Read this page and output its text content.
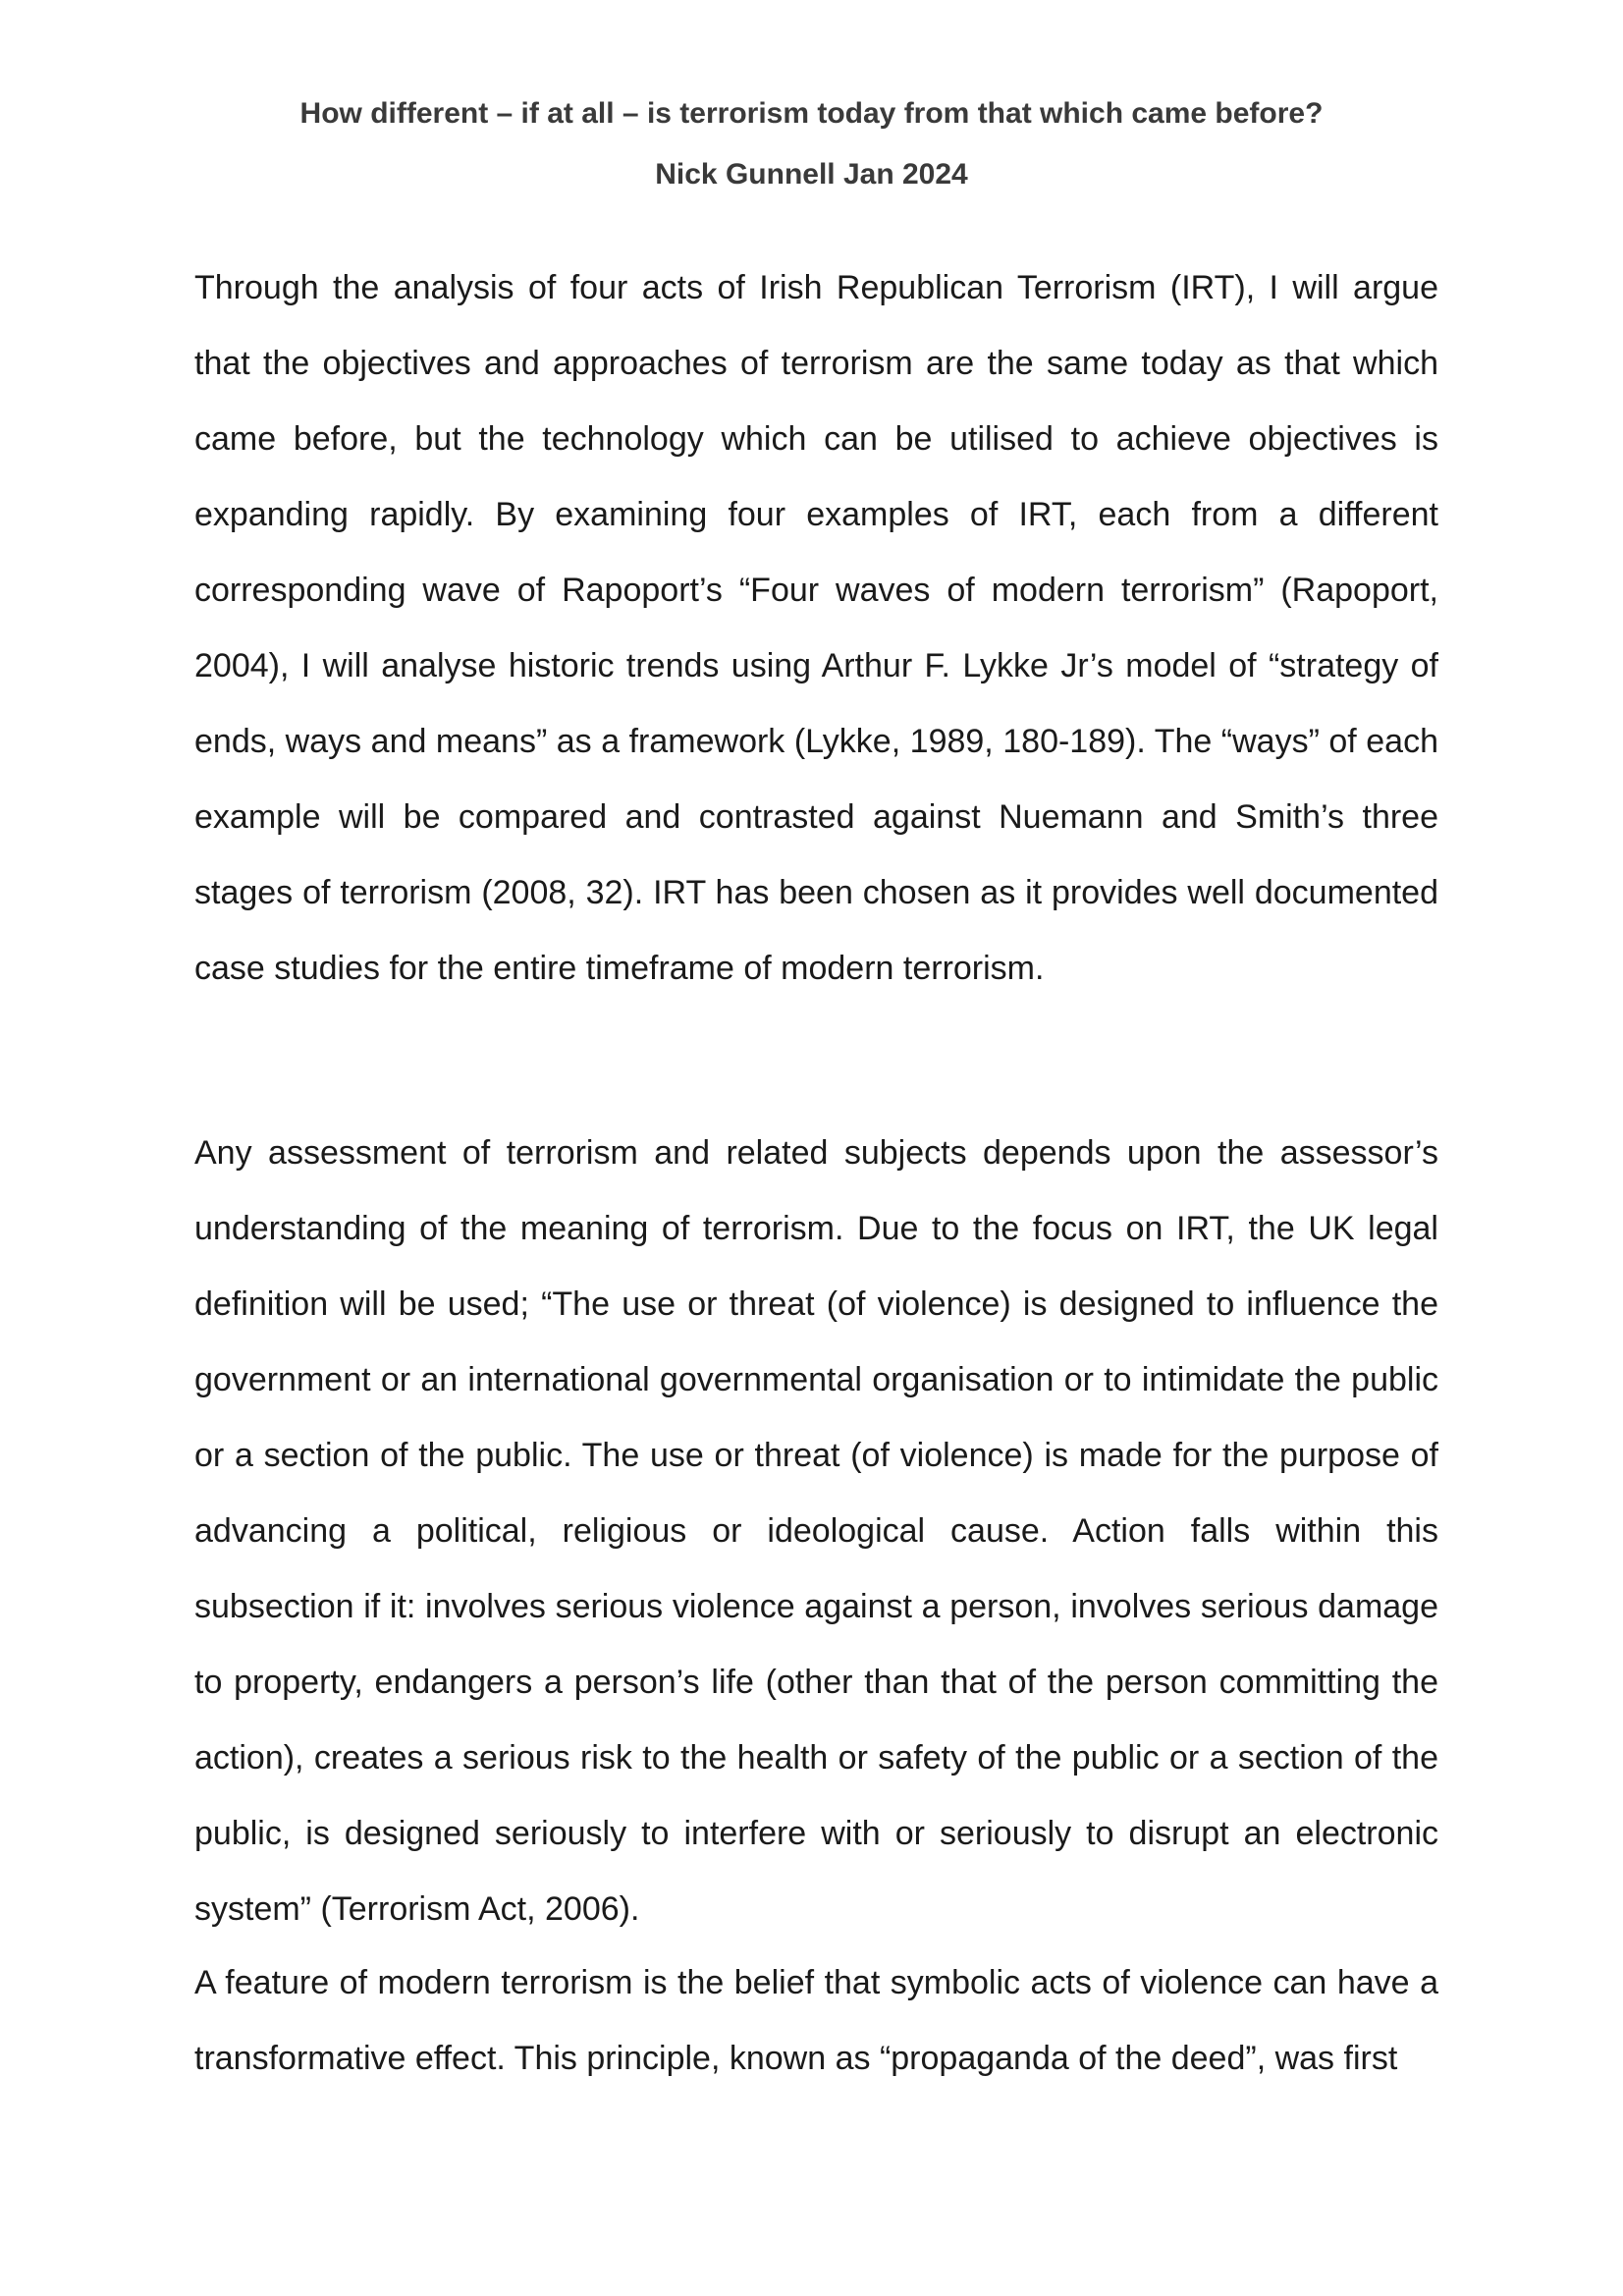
How different – if at all – is terrorism today from that which came before?
Nick Gunnell Jan 2024

Through the analysis of four acts of Irish Republican Terrorism (IRT), I will argue that the objectives and approaches of terrorism are the same today as that which came before, but the technology which can be utilised to achieve objectives is expanding rapidly. By examining four examples of IRT, each from a different corresponding wave of Rapoport’s “Four waves of modern terrorism” (Rapoport, 2004), I will analyse historic trends using Arthur F. Lykke Jr’s model of “strategy of ends, ways and means” as a framework (Lykke, 1989, 180-189). The “ways” of each example will be compared and contrasted against Nuemann and Smith’s three stages of terrorism (2008, 32). IRT has been chosen as it provides well documented case studies for the entire timeframe of modern terrorism.

Any assessment of terrorism and related subjects depends upon the assessor’s understanding of the meaning of terrorism. Due to the focus on IRT, the UK legal definition will be used; “The use or threat (of violence) is designed to influence the government or an international governmental organisation or to intimidate the public or a section of the public. The use or threat (of violence) is made for the purpose of advancing a political, religious or ideological cause. Action falls within this subsection if it: involves serious violence against a person, involves serious damage to property, endangers a person’s life (other than that of the person committing the action), creates a serious risk to the health or safety of the public or a section of the public, is designed seriously to interfere with or seriously to disrupt an electronic system” (Terrorism Act, 2006).

A feature of modern terrorism is the belief that symbolic acts of violence can have a transformative effect. This principle, known as “propaganda of the deed”, was first
